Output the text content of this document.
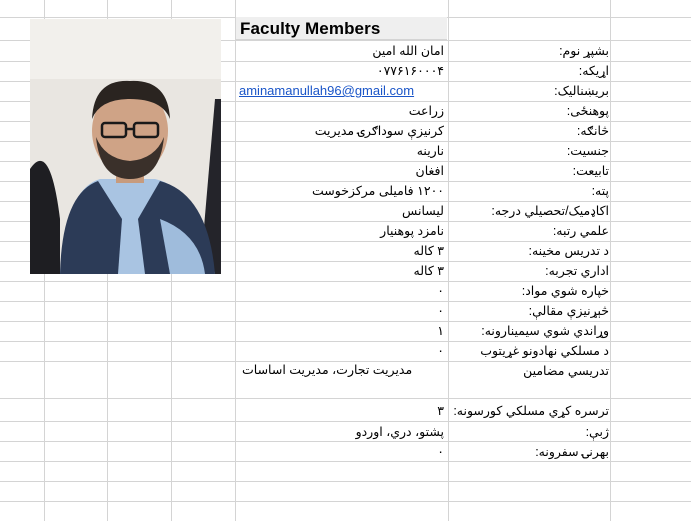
Faculty Members
بشپړ نوم:
اړيکه:
بريښناليک:
پوهنځی:
څانګه:
جنسيت:
تابيعت:
پته:
اکاډميک/تحصيلي درجه:
علمي رتبه:
د تدريس مخينه:
اداري تجربه:
خپاره شوي مواد:
څېړنيزې مقالې:
وړاندي شوي سيمينارونه:
د مسلکي نهادونو غړيتوب
تدريسي مضامين
ترسره کړي مسلکي کورسونه:
ژبې:
بهرنۍ سفرونه:
امان الله امين
۰۷۷۶۱۶۰۰۰۴
aminamanullah96@gmail.com
زراعت
کرنيزې سوداګرۍ مديريت
نارينه
افغان
۱۲۰۰ فاميلی مرکزخوست
ليسانس
نامزد پوهنيار
۳ کاله
۳ کاله
۰
۰
۱
۰
مديريت تجارت، مديريت اساسات
۳
پشتو، دري، اوردو
۰
